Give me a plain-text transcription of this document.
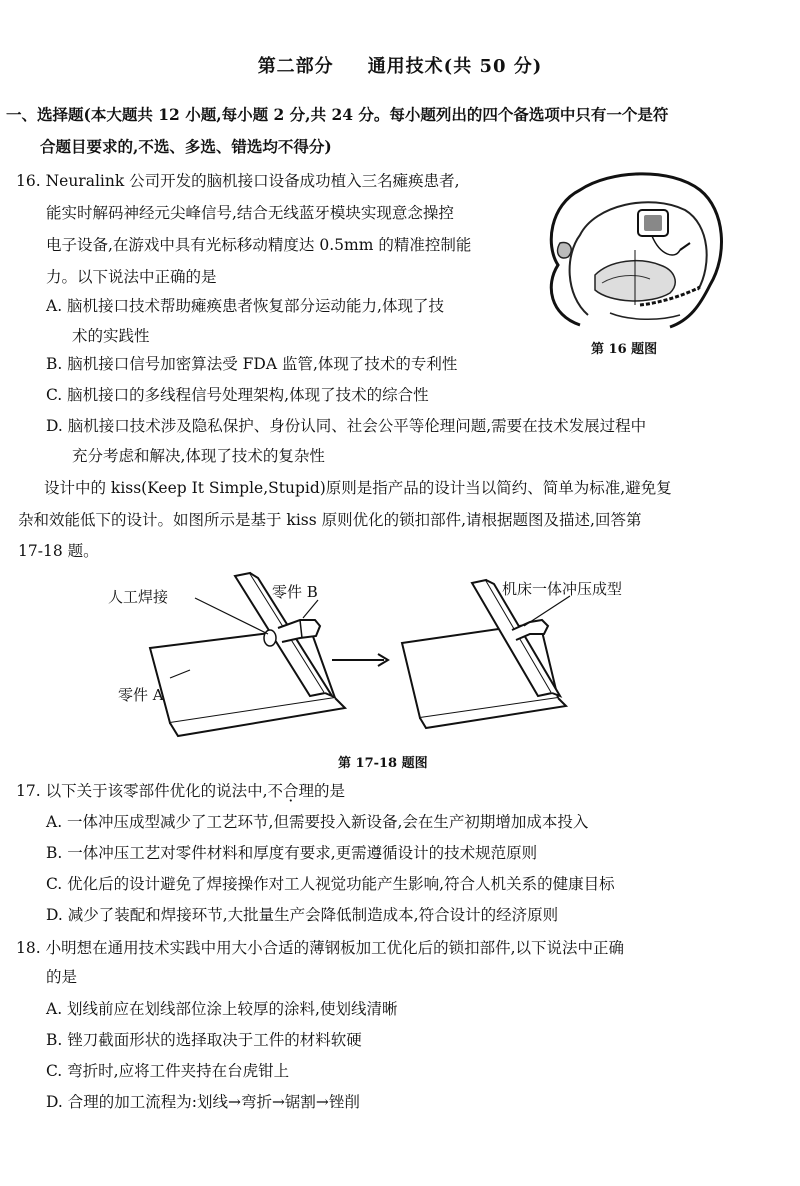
第二部分 通用技术(共 50 分)
一、选择题(本大题共 12 小题,每小题 2 分,共 24 分。每小题列出的四个备选项中只有一个是符
合题目要求的,不选、多选、错选均不得分)
16. Neuralink 公司开发的脑机接口设备成功植入三名瘫痪患者,
能实时解码神经元尖峰信号,结合无线蓝牙模块实现意念操控
电子设备,在游戏中具有光标移动精度达 0.5mm 的精准控制能
力。以下说法中正确的是
A. 脑机接口技术帮助瘫痪患者恢复部分运动能力,体现了技
术的实践性
B. 脑机接口信号加密算法受 FDA 监管,体现了技术的专利性
C. 脑机接口的多线程信号处理架构,体现了技术的综合性
D. 脑机接口技术涉及隐私保护、身份认同、社会公平等伦理问题,需要在技术发展过程中
充分考虑和解决,体现了技术的复杂性
第 16 题图
设计中的 kiss(Keep It Simple,Stupid)原则是指产品的设计当以简约、简单为标准,避免复
杂和效能低下的设计。如图所示是基于 kiss 原则优化的锁扣部件,请根据题图及描述,回答第
17-18 题。
人工焊接	零件 B
零件 A
机床一体冲压成型
第 17-18 题图
17. 以下关于该零部件优化的说法中,不合理的是
A. 一体冲压成型减少了工艺环节,但需要投入新设备,会在生产初期增加成本投入
B. 一体冲压工艺对零件材料和厚度有要求,更需遵循设计的技术规范原则
C. 优化后的设计避免了焊接操作对工人视觉功能产生影响,符合人机关系的健康目标
D. 减少了装配和焊接环节,大批量生产会降低制造成本,符合设计的经济原则
18. 小明想在通用技术实践中用大小合适的薄钢板加工优化后的锁扣部件,以下说法中正确
的是
A. 划线前应在划线部位涂上较厚的涂料,使划线清晰
B. 锉刀截面形状的选择取决于工件的材料软硬
C. 弯折时,应将工件夹持在台虎钳上
D. 合理的加工流程为:划线→弯折→锯割→锉削
